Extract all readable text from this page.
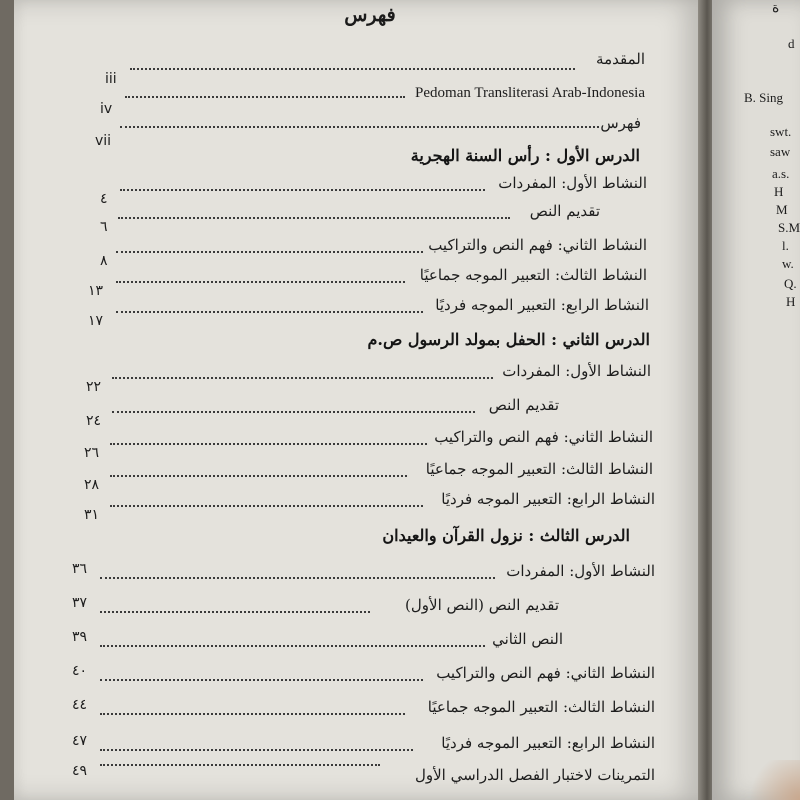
فهرس
المقدمة
iii
Pedoman Transliterasi Arab-Indonesia
iv
فهرس
vii
الدرس الأول : رأس السنة الهجرية
النشاط الأول: المفردات
٤
تقديم النص
٦
النشاط الثاني: فهم النص والتراكيب
٨
النشاط الثالث: التعبير الموجه جماعيًا
١٣
النشاط الرابع: التعبير الموجه فرديًا
١٧
الدرس الثاني : الحفل بمولد الرسول ص.م
النشاط الأول: المفردات
٢٢
تقديم النص
٢٤
النشاط الثاني: فهم النص والتراكيب
٢٦
النشاط الثالث: التعبير الموجه جماعيًا
٢٨
النشاط الرابع: التعبير الموجه فرديًا
٣١
الدرس الثالث : نزول القرآن والعيدان
النشاط الأول: المفردات
٣٦
تقديم النص (النص الأول)
٣٧
النص الثاني
٣٩
النشاط الثاني: فهم النص والتراكيب
٤٠
النشاط الثالث: التعبير الموجه جماعيًا
٤٤
النشاط الرابع: التعبير الموجه فرديًا
٤٧
التمرينات لاختبار الفصل الدراسي الأول
٤٩
ة
d
B. Sing
swt.
saw
a.s.
H
M
S.M
l.
w.
Q.
H
